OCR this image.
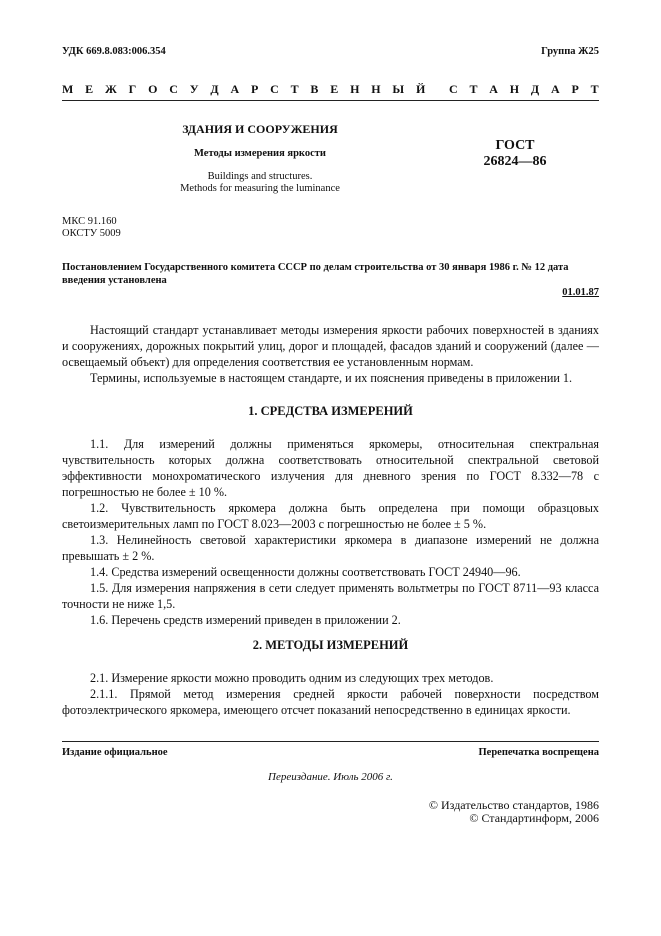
УДК 669.8.083:006.354	Группа Ж25
М Е Ж Г О С У Д А Р С Т В Е Н Н Ы Й С Т А Н Д А Р Т
ЗДАНИЯ И СООРУЖЕНИЯ
Методы измерения яркости
Buildings and structures.
Methods for measuring the luminance
ГОСТ
26824—86
МКС 91.160
ОКСТУ 5009
Постановлением Государственного комитета СССР по делам строительства от 30 января 1986 г. № 12 дата введения установлена
01.01.87
Настоящий стандарт устанавливает методы измерения яркости рабочих поверхностей в зданиях и сооружениях, дорожных покрытий улиц, дорог и площадей, фасадов зданий и сооружений (далее — освещаемый объект) для определения соответствия ее установленным нормам.
Термины, используемые в настоящем стандарте, и их пояснения приведены в приложении 1.
1. СРЕДСТВА ИЗМЕРЕНИЙ
1.1. Для измерений должны применяться яркомеры, относительная спектральная чувствительность которых должна соответствовать относительной спектральной световой эффективности монохроматического излучения для дневного зрения по ГОСТ 8.332—78 с погрешностью не более ± 10 %.
1.2. Чувствительность яркомера должна быть определена при помощи образцовых светоизмерительных ламп по ГОСТ 8.023—2003 с погрешностью не более ± 5 %.
1.3. Нелинейность световой характеристики яркомера в диапазоне измерений не должна превышать ± 2 %.
1.4. Средства измерений освещенности должны соответствовать ГОСТ 24940—96.
1.5. Для измерения напряжения в сети следует применять вольтметры по ГОСТ 8711—93 класса точности не ниже 1,5.
1.6. Перечень средств измерений приведен в приложении 2.
2. МЕТОДЫ ИЗМЕРЕНИЙ
2.1. Измерение яркости можно проводить одним из следующих трех методов.
2.1.1. Прямой метод измерения средней яркости рабочей поверхности посредством фотоэлектрического яркомера, имеющего отсчет показаний непосредственно в единицах яркости.
Издание официальное	Перепечатка воспрещена
Переиздание. Июль 2006 г.
© Издательство стандартов, 1986
© Стандартинформ, 2006
